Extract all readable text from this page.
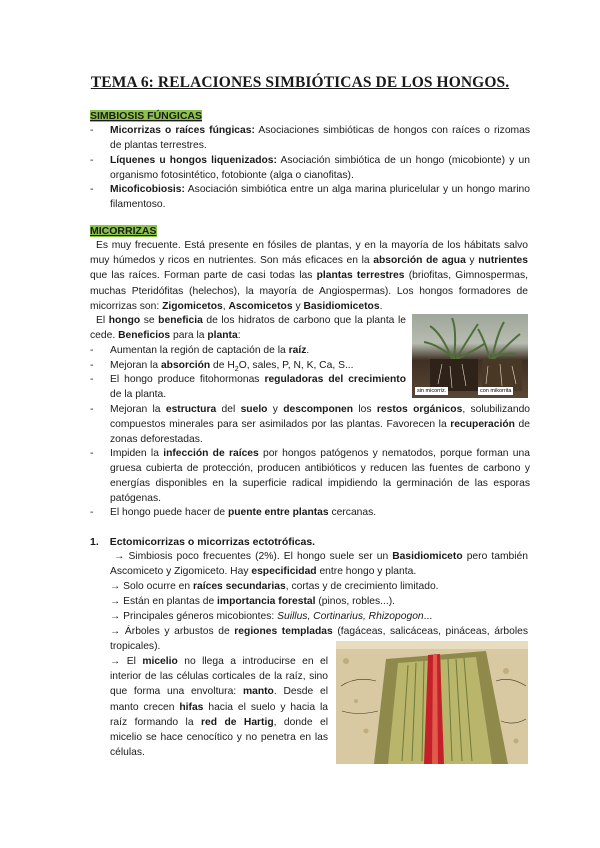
TEMA 6: RELACIONES SIMBIÓTICAS DE LOS HONGOS.
SIMBIOSIS FÚNGICAS
- Micorrizas o raíces fúngicas: Asociaciones simbióticas de hongos con raíces o rizomas de plantas terrestres.
- Líquenes u hongos liquenizados: Asociación simbiótica de un hongo (micobionte) y un organismo fotosintético, fotobionte (alga o cianofitas).
- Micoficobiosis: Asociación simbiótica entre un alga marina pluricelular y un hongo marino filamentoso.
MICORRIZAS
Es muy frecuente. Está presente en fósiles de plantas, y en la mayoría de los hábitats salvo muy húmedos y ricos en nutrientes. Son más eficaces en la absorción de agua y nutrientes que las raíces. Forman parte de casi todas las plantas terrestres (briofitas, Gimnospermas, muchas Pteridófitas (helechos), la mayoría de Angiospermas). Los hongos formadores de micorrizas son: Zigomicetos, Ascomicetos y Basidiomicetos.
El hongo se beneficia de los hidratos de carbono que la planta le cede. Beneficios para la planta:
sin micorriz.	con mikorrita
- Aumentan la región de captación de la raíz.
- Mejoran la absorción de $H_2O$, sales, P, N, K, Ca, S...
- El hongo produce fitohormonas reguladoras del crecimiento de la planta.
- Mejoran la estructura del suelo y descomponen los restos orgánicos, solubilizando compuestos minerales para ser asimilados por las plantas. Favorecen la recuperación de zonas deforestadas.
- Impiden la infección de raíces por hongos patógenos y nematodos, porque forman una gruesa cubierta de protección, producen antibióticos y reducen las fuentes de carbono y energías disponibles en la superficie radical impidiendo la germinación de las esporas patógenas.
- El hongo puede hacer de puente entre plantas cercanas.
1. Ectomicorrizas o micorrizas ectotróficas.
→ Simbiosis poco frecuentes (2%). El hongo suele ser un Basidiomiceto pero también Ascomiceto y Zigomiceto. Hay especificidad entre hongo y planta.
→ Solo ocurre en raíces secundarias, cortas y de crecimiento limitado.
→ Están en plantas de importancia forestal (pinos, robles...).
→ Principales géneros micobiontes: Suillus, Cortinarius, Rhizopogon...
→ Árboles y arbustos de regiones templadas (fagáceas, salicáceas, pináceas, árboles tropicales).
→ El micelio no llega a introducirse en el interior de las células corticales de la raíz, sino que forma una envoltura: manto. Desde el manto crecen hifas hacia el suelo y hacia la raíz formando la red de Hartig, donde el micelio se hace cenocítico y no penetra en las células.
